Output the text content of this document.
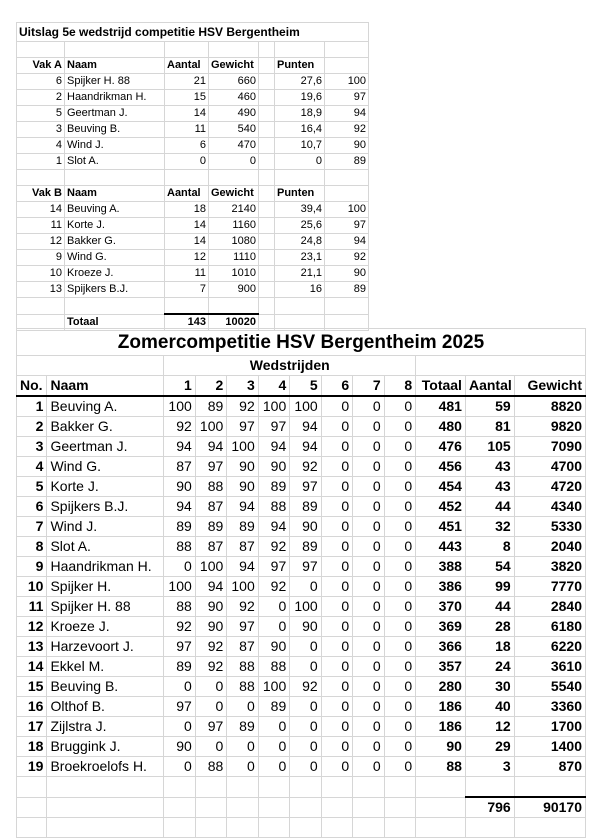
Uitslag 5e wedstrijd competitie HSV Bergentheim						

Vak A	Naam	Aantal	Gewicht		Punten	
6	Spijker H. 88	21	660		27,6	100
2	Haandrikman H.	15	460		19,6	97
5	Geertman J.	14	490		18,9	94
3	Beuving B.	11	540		16,4	92
4	Wind J.	6	470		10,7	90
1	Slot A.	0	0		0	89

Vak B	Naam	Aantal	Gewicht		Punten	
14	Beuving A.	18	2140		39,4	100
11	Korte J.	14	1160		25,6	97
12	Bakker G.	14	1080		24,8	94
9	Wind G.	12	1110		23,1	92
10	Kroeze J.	11	1010		21,1	90
13	Spijkers B.J.	7	900		16	89

	Totaal	143	10020			
Zomercompetitie HSV Bergentheim 2025												
		Wedstrijden										
No.	Naam	1	2	3	4	5	6	7	8	Totaal	Aantal	Gewicht
1	Beuving A.	100	89	92	100	100	0	0	0	481	59	8820
2	Bakker G.	92	100	97	97	94	0	0	0	480	81	9820
3	Geertman J.	94	94	100	94	94	0	0	0	476	105	7090
4	Wind G.	87	97	90	90	92	0	0	0	456	43	4700
5	Korte J.	90	88	90	89	97	0	0	0	454	43	4720
6	Spijkers B.J.	94	87	94	88	89	0	0	0	452	44	4340
7	Wind J.	89	89	89	94	90	0	0	0	451	32	5330
8	Slot A.	88	87	87	92	89	0	0	0	443	8	2040
9	Haandrikman H.	0	100	94	97	97	0	0	0	388	54	3820
10	Spijker H.	100	94	100	92	0	0	0	0	386	99	7770
11	Spijker H. 88	88	90	92	0	100	0	0	0	370	44	2840
12	Kroeze J.	92	90	97	0	90	0	0	0	369	28	6180
13	Harzevoort J.	97	92	87	90	0	0	0	0	366	18	6220
14	Ekkel M.	89	92	88	88	0	0	0	0	357	24	3610
15	Beuving B.	0	0	88	100	92	0	0	0	280	30	5540
16	Olthof B.	97	0	0	89	0	0	0	0	186	40	3360
17	Zijlstra J.	0	97	89	0	0	0	0	0	186	12	1700
18	Bruggink J.	90	0	0	0	0	0	0	0	90	29	1400
19	Broekroelofs H.	0	88	0	0	0	0	0	0	88	3	870

											796	90170
